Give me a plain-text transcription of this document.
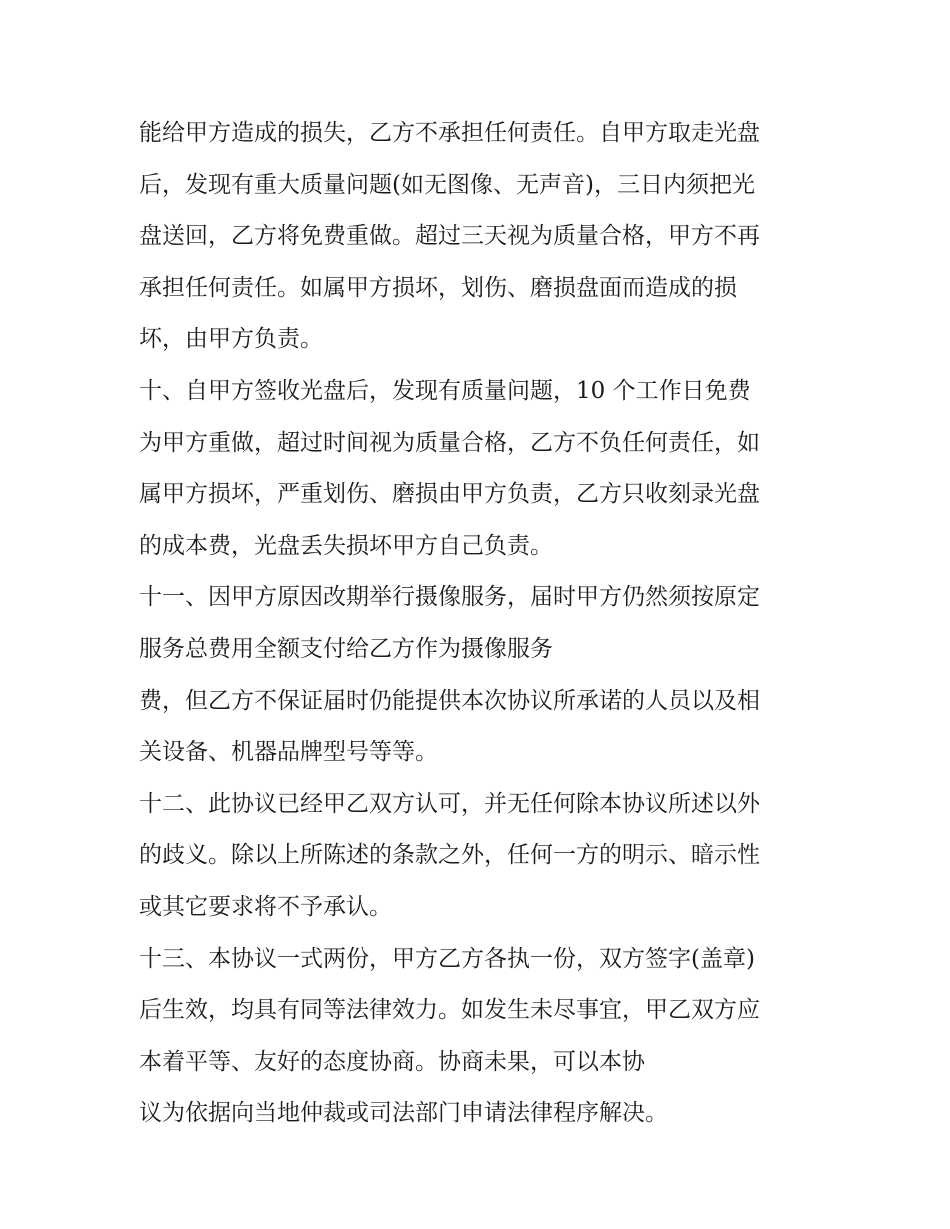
能给甲方造成的损失，乙方不承担任何责任。自甲方取走光盘
后，发现有重大质量问题(如无图像、无声音)，三日内须把光
盘送回，乙方将免费重做。超过三天视为质量合格，甲方不再
承担任何责任。如属甲方损坏，划伤、磨损盘面而造成的损
坏，由甲方负责。
十、自甲方签收光盘后，发现有质量问题，10 个工作日免费
为甲方重做，超过时间视为质量合格，乙方不负任何责任，如
属甲方损坏，严重划伤、磨损由甲方负责，乙方只收刻录光盘
的成本费，光盘丢失损坏甲方自己负责。
十一、因甲方原因改期举行摄像服务，届时甲方仍然须按原定
服务总费用全额支付给乙方作为摄像服务
费，但乙方不保证届时仍能提供本次协议所承诺的人员以及相
关设备、机器品牌型号等等。
十二、此协议已经甲乙双方认可，并无任何除本协议所述以外
的歧义。除以上所陈述的条款之外，任何一方的明示、暗示性
或其它要求将不予承认。
十三、本协议一式两份，甲方乙方各执一份，双方签字(盖章)
后生效，均具有同等法律效力。如发生未尽事宜，甲乙双方应
本着平等、友好的态度协商。协商未果，可以本协
议为依据向当地仲裁或司法部门申请法律程序解决。
